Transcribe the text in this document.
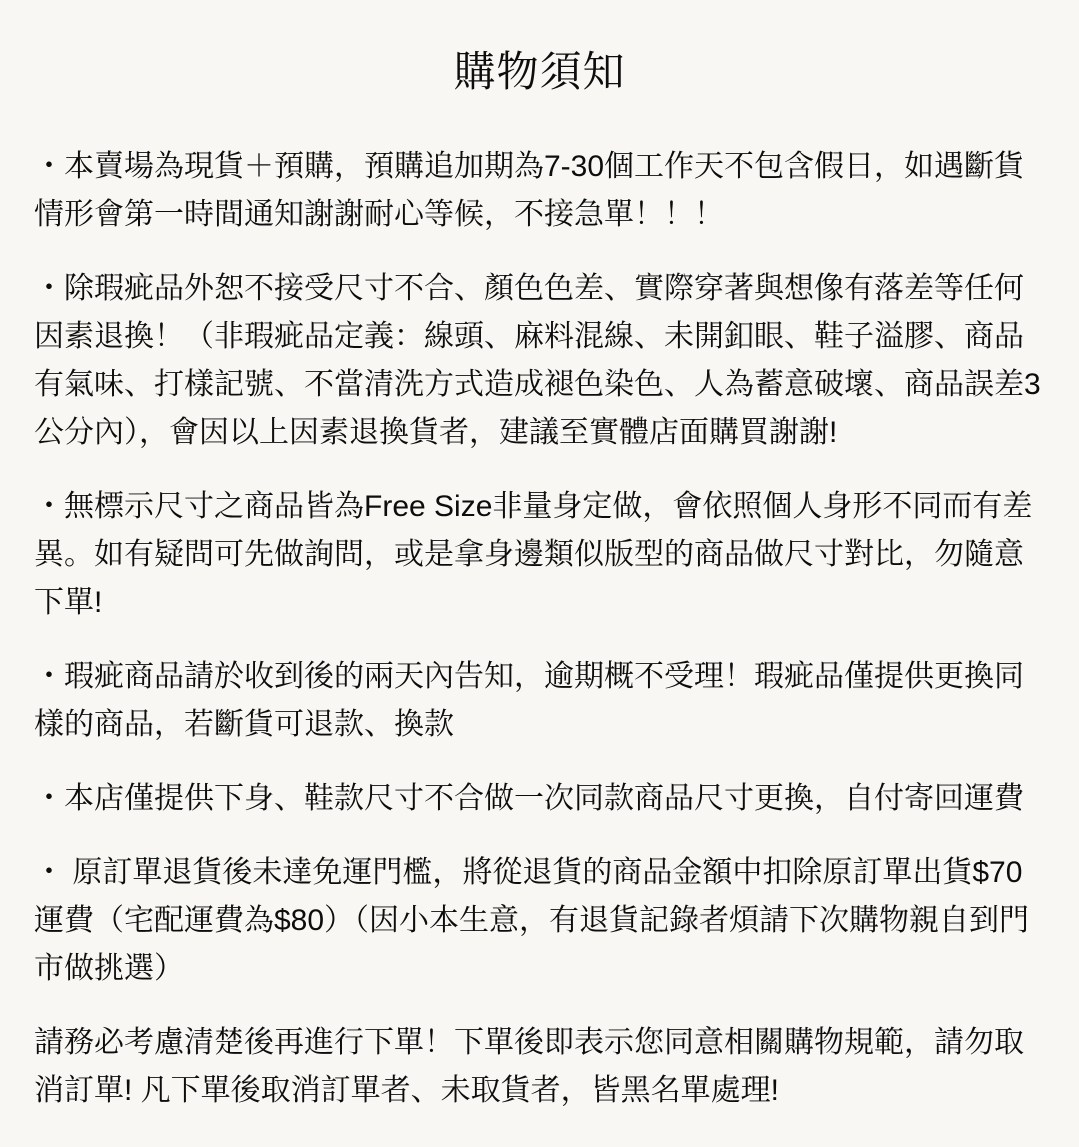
購物須知

・本賣場為現貨＋預購，預購追加期為7-30個工作天不包含假日，如遇斷貨情形會第一時間通知謝謝耐心等候，不接急單！！！

・除瑕疵品外恕不接受尺寸不合、顏色色差、實際穿著與想像有落差等任何因素退換！（非瑕疵品定義：線頭、麻料混線、未開釦眼、鞋子溢膠、商品有氣味、打樣記號、不當清洗方式造成褪色染色、人為蓄意破壞、商品誤差3公分內），會因以上因素退換貨者，建議至實體店面購買謝謝!

・無標示尺寸之商品皆為Free Size非量身定做，會依照個人身形不同而有差異。如有疑問可先做詢問，或是拿身邊類似版型的商品做尺寸對比，勿隨意下單!

・瑕疵商品請於收到後的兩天內告知，逾期概不受理！瑕疵品僅提供更換同樣的商品，若斷貨可退款、換款

・本店僅提供下身、鞋款尺寸不合做一次同款商品尺寸更換，自付寄回運費

・ 原訂單退貨後未達免運門檻，將從退貨的商品金額中扣除原訂單出貨$70運費（宅配運費為$80）（因小本生意，有退貨記錄者煩請下次購物親自到門市做挑選）

請務必考慮清楚後再進行下單！下單後即表示您同意相關購物規範，請勿取消訂單! 凡下單後取消訂單者、未取貨者，皆黑名單處理!
